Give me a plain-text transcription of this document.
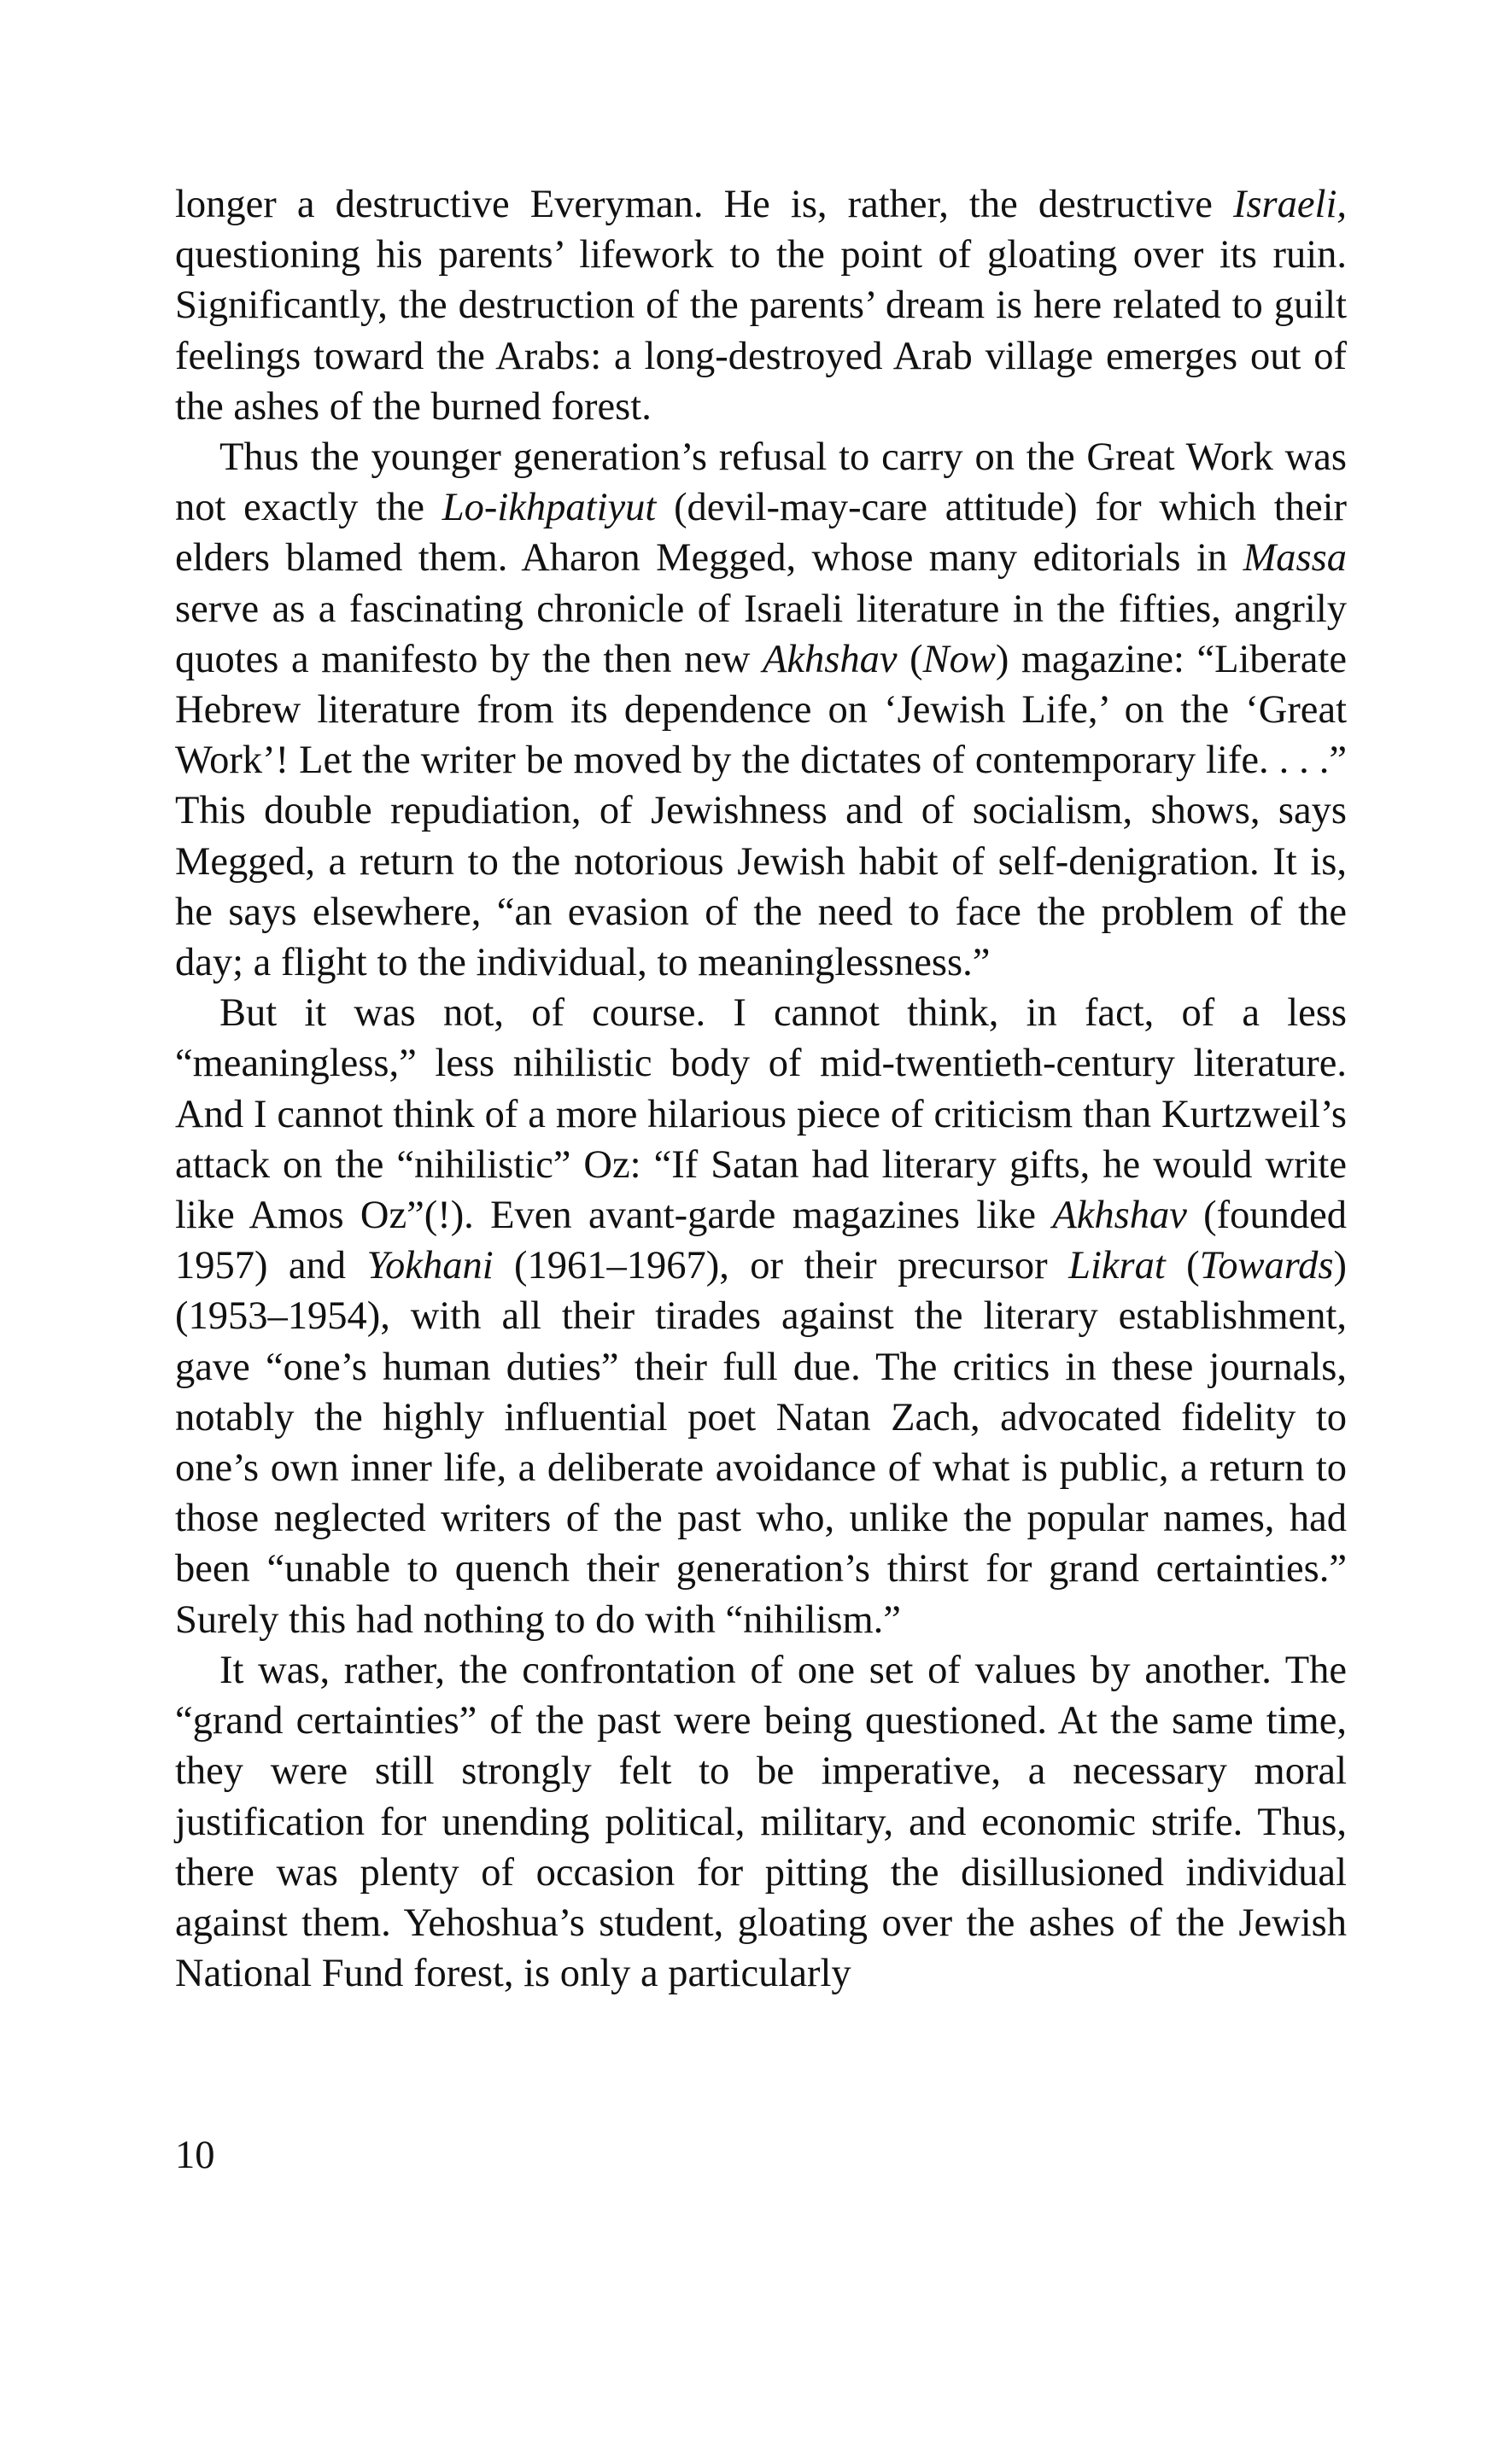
longer a destructive Everyman. He is, rather, the destructive Israeli, questioning his parents’ lifework to the point of gloating over its ruin. Significantly, the destruction of the parents’ dream is here related to guilt feelings toward the Arabs: a long-destroyed Arab village emerges out of the ashes of the burned forest.

Thus the younger generation’s refusal to carry on the Great Work was not exactly the Lo-ikhpatiyut (devil-may-care attitude) for which their elders blamed them. Aharon Megged, whose many editorials in Massa serve as a fascinating chronicle of Israeli literature in the fifties, angrily quotes a manifesto by the then new Akhshav (Now) magazine: “Liberate Hebrew literature from its dependence on ‘Jewish Life,’ on the ‘Great Work’! Let the writer be moved by the dictates of contemporary life. . . .” This double repudiation, of Jewishness and of socialism, shows, says Megged, a return to the notorious Jewish habit of self-denigration. It is, he says elsewhere, “an evasion of the need to face the problem of the day; a flight to the individual, to meaninglessness.”

But it was not, of course. I cannot think, in fact, of a less “meaningless,” less nihilistic body of mid-twentieth-century literature. And I cannot think of a more hilarious piece of criticism than Kurtzweil’s attack on the “nihilistic” Oz: “If Satan had literary gifts, he would write like Amos Oz”(!). Even avant-garde magazines like Akhshav (founded 1957) and Yokhani (1961–1967), or their precursor Likrat (Towards) (1953–1954), with all their tirades against the literary establishment, gave “one’s human duties” their full due. The critics in these journals, notably the highly influential poet Natan Zach, advocated fidelity to one’s own inner life, a deliberate avoidance of what is public, a return to those neglected writers of the past who, unlike the popular names, had been “unable to quench their generation’s thirst for grand certainties.” Surely this had nothing to do with “nihilism.”

It was, rather, the confrontation of one set of values by another. The “grand certainties” of the past were being questioned. At the same time, they were still strongly felt to be imperative, a necessary moral justification for unending political, military, and economic strife. Thus, there was plenty of occasion for pitting the disillusioned individual against them. Yehoshua’s student, gloating over the ashes of the Jewish National Fund forest, is only a particularly

10
